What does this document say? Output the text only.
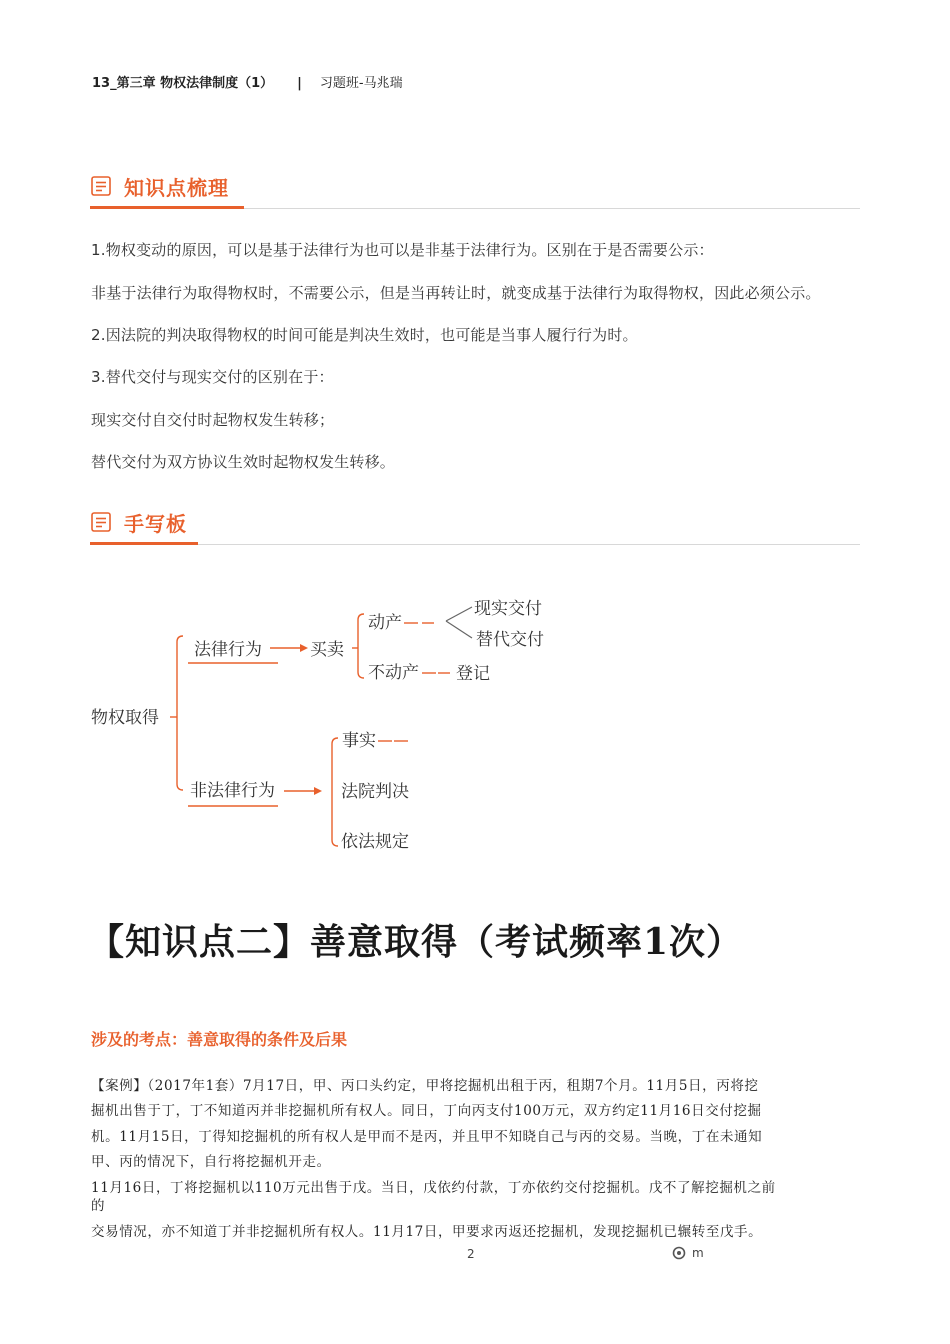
13_第三章 物权法律制度（1） | 习题班-马兆瑞
知识点梳理
1.物权变动的原因，可以是基于法律行为也可以是非基于法律行为。区别在于是否需要公示：
非基于法律行为取得物权时，不需要公示，但是当再转让时，就变成基于法律行为取得物权，因此必须公示。
2.因法院的判决取得物权的时间可能是判决生效时，也可能是当事人履行行为时。
3.替代交付与现实交付的区别在于：
现实交付自交付时起物权发生转移；
替代交付为双方协议生效时起物权发生转移。
手写板
物权取得
法律行为	买卖
动产
现实交付
替代交付
不动产 登记
非法律行为
事实
法院判决
依法规定
【知识点二】善意取得（考试频率1次）
涉及的考点：善意取得的条件及后果
【案例】（2017年1套）7月17日，甲、丙口头约定，甲将挖掘机出租于丙，租期7个月。11月5日，丙将挖
掘机出售于丁，丁不知道丙并非挖掘机所有权人。同日，丁向丙支付100万元，双方约定11月16日交付挖掘
机。11月15日，丁得知挖掘机的所有权人是甲而不是丙，并且甲不知晓自己与丙的交易。当晚，丁在未通知
甲、丙的情况下，自行将挖掘机开走。
11月16日，丁将挖掘机以110万元出售于戊。当日，戊依约付款，丁亦依约交付挖掘机。戊不了解挖掘机之前
的
交易情况，亦不知道丁并非挖掘机所有权人。11月17日，甲要求丙返还挖掘机，发现挖掘机已辗转至戊手。
2	m
